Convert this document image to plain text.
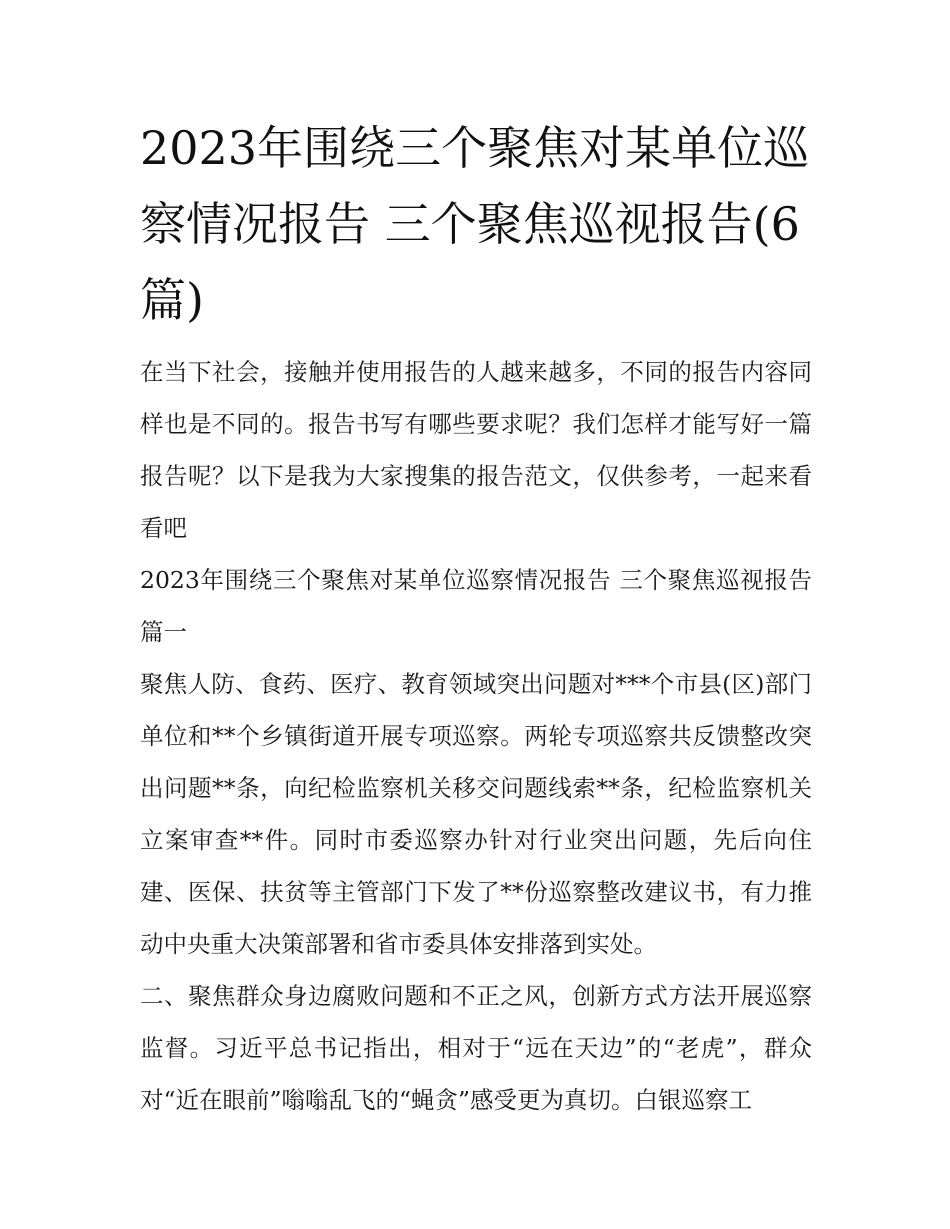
2023年围绕三个聚焦对某单位巡察情况报告 三个聚焦巡视报告(6篇)

在当下社会，接触并使用报告的人越来越多，不同的报告内容同样也是不同的。报告书写有哪些要求呢？我们怎样才能写好一篇报告呢？以下是我为大家搜集的报告范文，仅供参考，一起来看看吧

2023年围绕三个聚焦对某单位巡察情况报告 三个聚焦巡视报告篇一

聚焦人防、食药、医疗、教育领域突出问题对***个市县(区)部门单位和**个乡镇街道开展专项巡察。两轮专项巡察共反馈整改突出问题**条，向纪检监察机关移交问题线索**条，纪检监察机关立案审查**件。同时市委巡察办针对行业突出问题，先后向住建、医保、扶贫等主管部门下发了**份巡察整改建议书，有力推动中央重大决策部署和省市委具体安排落到实处。

二、聚焦群众身边腐败问题和不正之风，创新方式方法开展巡察监督。习近平总书记指出，相对于“远在天边”的“老虎”，群众对“近在眼前”嗡嗡乱飞的“蝇贪”感受更为真切。白银巡察工
